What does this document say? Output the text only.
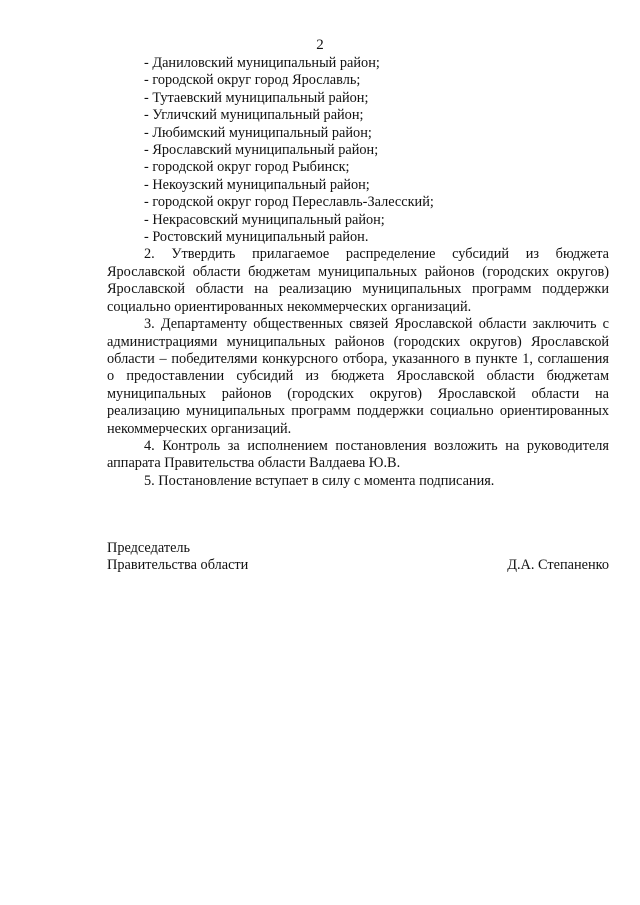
2

- Даниловский муниципальный район;

- городской округ город Ярославль;

- Тутаевский муниципальный район;

- Угличский муниципальный район;

- Любимский муниципальный район;

- Ярославский муниципальный район;

- городской округ город Рыбинск;

- Некоузский муниципальный район;

- городской округ город Переславль-Залесский;

- Некрасовский муниципальный район;

- Ростовский муниципальный район.

2. Утвердить прилагаемое распределение субсидий из бюджета Ярославской области бюджетам муниципальных районов (городских округов) Ярославской области на реализацию муниципальных программ поддержки социально ориентированных некоммерческих организаций.

3. Департаменту общественных связей Ярославской области заключить с администрациями муниципальных районов (городских округов) Ярославской области – победителями конкурсного отбора, указанного в пункте 1, соглашения о предоставлении субсидий из бюджета Ярославской области бюджетам муниципальных районов (городских округов) Ярославской области на реализацию муниципальных программ поддержки социально ориентированных некоммерческих организаций.

4. Контроль за исполнением постановления возложить на руководителя аппарата Правительства области Валдаева Ю.В.

5. Постановление вступает в силу с момента подписания.

Председатель

Правительства области	Д.А. Степаненко
